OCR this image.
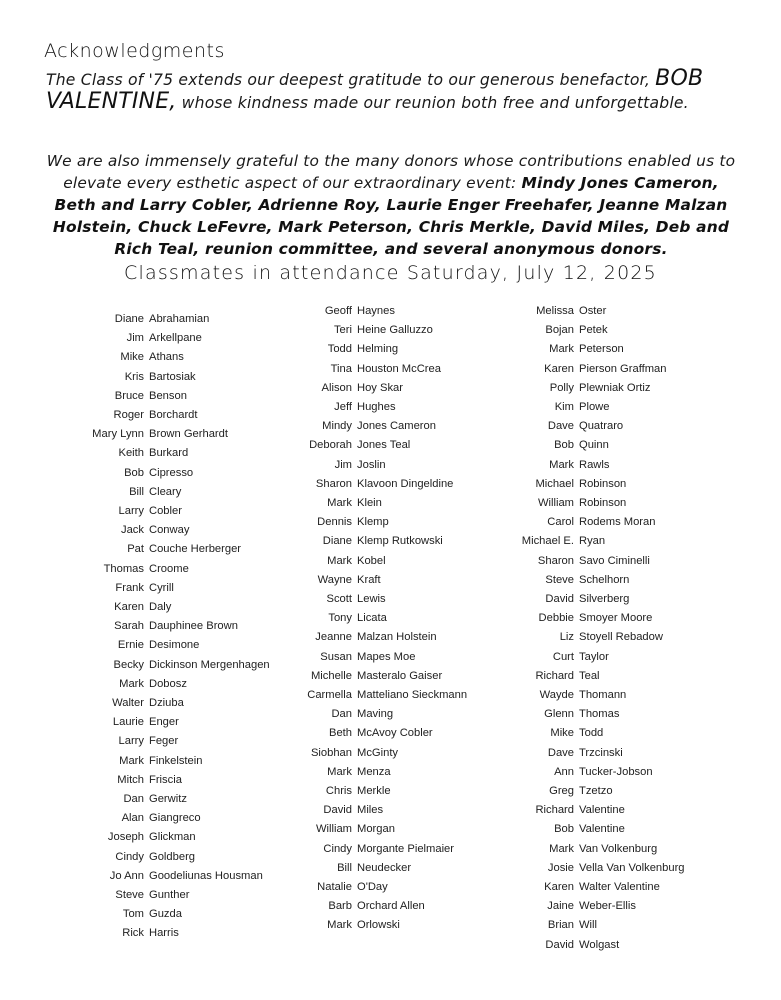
Acknowledgments
The Class of '75 extends our deepest gratitude to our generous benefactor, BOB VALENTINE, whose kindness made our reunion both free and unforgettable.
We are also immensely grateful to the many donors whose contributions enabled us to elevate every esthetic aspect of our extraordinary event: Mindy Jones Cameron, Beth and Larry Cobler, Adrienne Roy, Laurie Enger Freehafer, Jeanne Malzan Holstein, Chuck LeFevre, Mark Peterson, Chris Merkle, David Miles, Deb and Rich Teal, reunion committee, and several anonymous donors.
Classmates in attendance Saturday, July 12, 2025
Diane Abrahamian
Jim Arkellpane
Mike Athans
Kris Bartosiak
Bruce Benson
Roger Borchardt
Mary Lynn Brown Gerhardt
Keith Burkard
Bob Cipresso
Bill Cleary
Larry Cobler
Jack Conway
Pat Couche Herberger
Thomas Croome
Frank Cyrill
Karen Daly
Sarah Dauphinee Brown
Ernie Desimone
Becky Dickinson Mergenhagen
Mark Dobosz
Walter Dziuba
Laurie Enger
Larry Feger
Mark Finkelstein
Mitch Friscia
Dan Gerwitz
Alan Giangreco
Joseph Glickman
Cindy Goldberg
Jo Ann Goodeliunas Housman
Steve Gunther
Tom Guzda
Rick Harris
Geoff Haynes
Teri Heine Galluzzo
Todd Helming
Tina Houston McCrea
Alison Hoy Skar
Jeff Hughes
Mindy Jones Cameron
Deborah Jones Teal
Jim Joslin
Sharon Klavoon Dingeldine
Mark Klein
Dennis Klemp
Diane Klemp Rutkowski
Mark Kobel
Wayne Kraft
Scott Lewis
Tony Licata
Jeanne Malzan Holstein
Susan Mapes Moe
Michelle Masteralo Gaiser
Carmella Matteliano Sieckmann
Dan Maving
Beth McAvoy Cobler
Siobhan McGinty
Mark Menza
Chris Merkle
David Miles
William Morgan
Cindy Morgante Pielmaier
Bill Neudecker
Natalie O'Day
Barb Orchard Allen
Mark Orlowski
Melissa Oster
Bojan Petek
Mark Peterson
Karen Pierson Graffman
Polly Plewniak Ortiz
Kim Plowe
Dave Quatraro
Bob Quinn
Mark Rawls
Michael Robinson
William Robinson
Carol Rodems Moran
Michael E. Ryan
Sharon Savo Ciminelli
Steve Schelhorn
David Silverberg
Debbie Smoyer Moore
Liz Stoyell Rebadow
Curt Taylor
Richard Teal
Wayde Thomann
Glenn Thomas
Mike Todd
Dave Trzcinski
Ann Tucker-Jobson
Greg Tzetzo
Richard Valentine
Bob Valentine
Mark Van Volkenburg
Josie Vella Van Volkenburg
Karen Walter Valentine
Jaine Weber-Ellis
Brian Will
David Wolgast
